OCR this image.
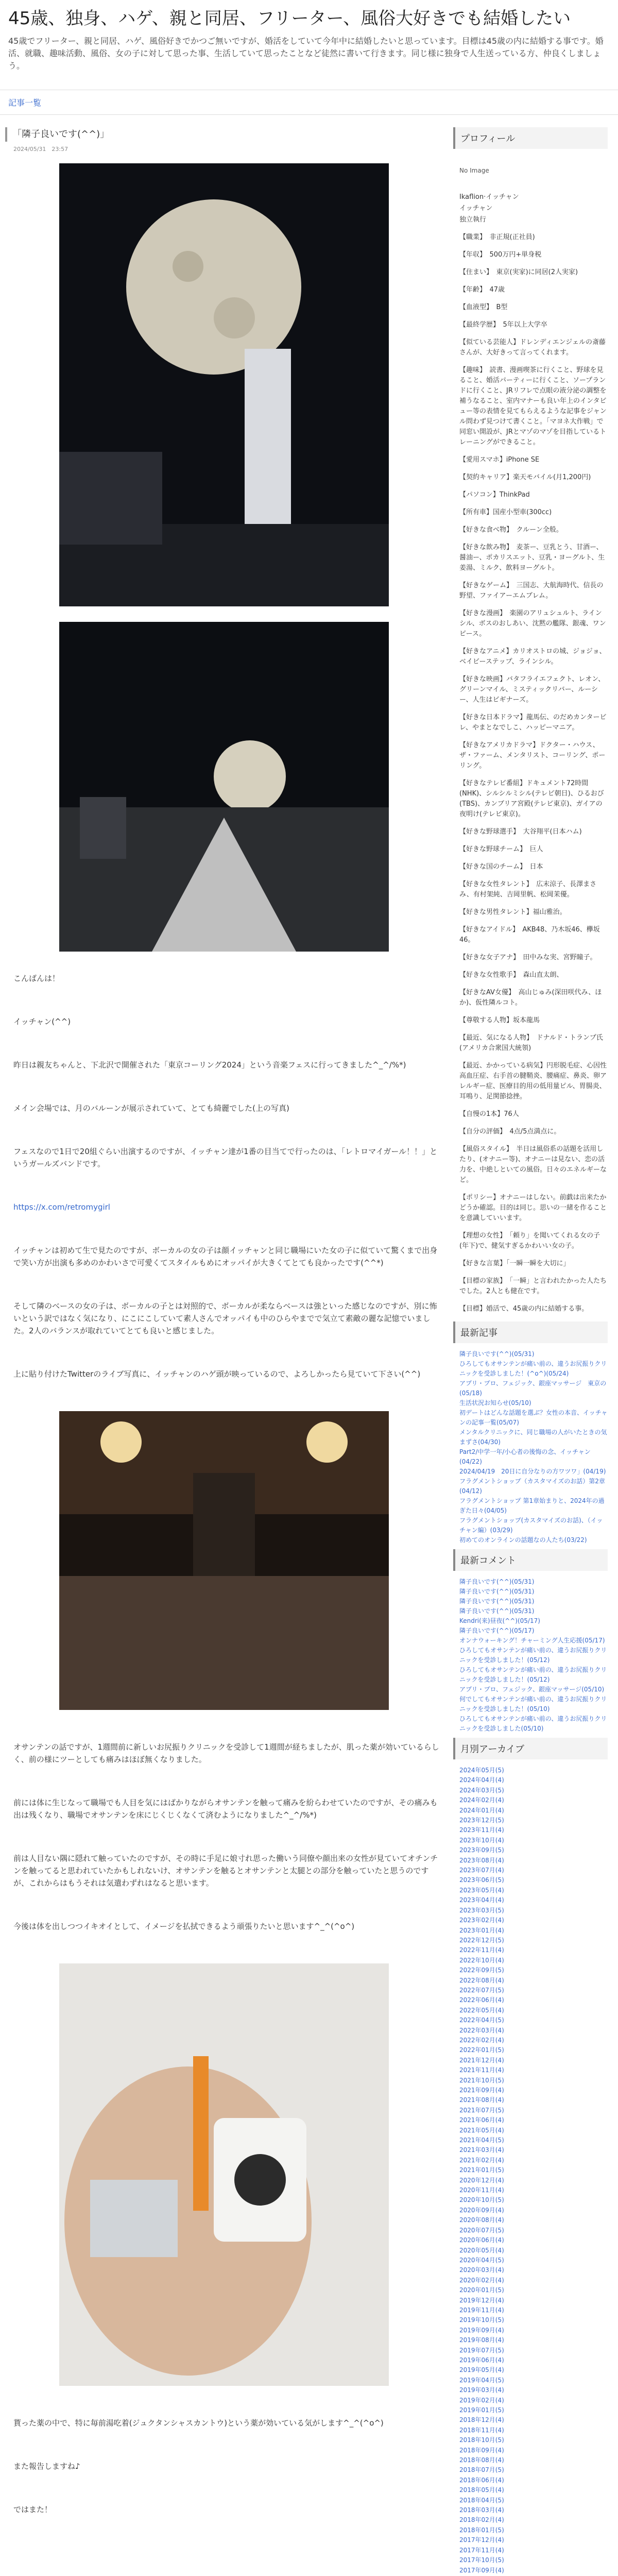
45歳、独身、ハゲ、親と同居、フリーター、風俗大好きでも結婚したい
45歳でフリーター、親と同居、ハゲ、風俗好きでかつご無いですが、婚活をしていて今年中に結婚したいと思っています。目標は45歳の内に結婚する事です。婚活、就職、趣味活動、風俗、女の子に対して思った事、生活していて思ったことなど徒然に書いて行きます。同じ様に独身で人生送っている方、仲良くしましょう。
記事一覧
「隣子良いです(^^)」
2024/05/31　23:57

こんばんは！

イッチャン(^^)

昨日は親友ちゃんと、下北沢で開催された「東京コーリング2024」という音楽フェスに行ってきました^_^/%*)

メイン会場では、月のバルーンが展示されていて、とても綺麗でした(上の写真)

フェスなので1日で20組ぐらい出演するのですが、イッチャン達が1番の目当てで行ったのは、「レトロマイガール！！」というガールズバンドです。

https://x.com/retromygirl

イッチャンは初めて生で見たのですが、ボーカルの女の子は顔イッチャンと同じ職場にいた女の子に似ていて驚くまで出身で笑い方が出演も多めのかわいさで可愛くてスタイルもめにオッパイが大きくてとても良かったです(^^*)

そして隣のベースの女の子は、ボーカルの子とは対照的で、ボーカルが柔ならベースは強といった感じなのですが、別に怖いという訳ではなく気になり、にこにこしていて素人さんでオッパイも中のひらやまでで気立て素敵の麗な記憶でいました。2人のバランスが取れていてとても良いと感じました。

上に貼り付けたTwitterのライブ写真に、イッチャンのハゲ頭が映っているので、よろしかったら見ていて下さい(^^)

オサンテンの話ですが、1週間前に新しいお尻振りクリニックを受診して1週間が経ちましたが、肌った薬が効いているらしく、前の様にツーとしても痛みはほぼ無くなりました。

前には体に生じなって職場でも人目を気にはばかりながらオサンテンを触って痛みを紛らわせていたのですが、その痛みも出は残くなり、職場でオサンテンを床にじくじくなくて済むようになりました^_^/%*)

前は人目ない隅に隠れて触っていたのですが、その時に手足に娘寸れ思った働いう同僚や顔出来の女性が見ていてオチンチンを触ってると思われていたかもしれないけ、オサンテンを触るとオサンテンと太腿との部分を触っていたと思うのですが、これからはもうそれは気遣わずれはなると思います。

今後は体を出しつつイキオイとして、イメージを払拭できるよう頑張りたいと思います^_^(^o^)

貰った薬の中で、特に毎前湯吃着(ジュクタンシャスカントウ)という薬が効いている気がします^_^(^o^)

また報告しますね♪

ではまた！

プロフィール
No Image

Ikaflion·イッチャン

イッチャン

独立執行

【職業】　非正規(正社員)
【年収】　500万円+単身税
【住まい】　東京(実家)に同居(2人実家)
【年齢】　47歳
【血液型】　B型
【最終学歴】　5年以上大学卒
【似ている芸能人】ドレンディエンジェルの斎藤さんが、大好きって言ってくれます。
【趣味】　読書、漫画喫茶に行くこと、野球を見ること、婚活パーティーに行くこと、ソープランドに行くこと、JRリフレで点眼の液分泌の調整を補うなること、室内マナーも良い年上のインタビュー等の表情を見てもらえるような記事をジャンル問わず見つけて書くこと。「マヨネ大作戦」で同窓い開設が、JRとマゾのマゾを目指しているトレーニングができること。
【愛用スマホ】iPhone SE
【契約キャリア】楽天モバイル(月1,200円)
【パソコン】ThinkPad
【所有車】国産小型車(300cc)
【好きな食べ物】　クルーン全般。
【好きな飲み物】　麦茶ー、豆乳とう、甘酒ー、醤油ー、ポカリスエット、豆乳・ヨーグルト、生姜湯、ミルク、飲料ヨーグルト。
【好きなゲーム】　三国志、大航海時代、信長の野望、ファイアーエムブレム。
【好きな漫画】　楽園のアリュシュルト、ラインシル、ボスのおしあい、沈黙の艦隊、銀魂、ワンピース。
【好きなアニメ】カリオストロの城、ジョジョ、ベイビーステップ、ラインシル。
【好きな映画】バタフライエフェクト、レオン、グリーンマイル、ミスティックリバー、ルーシー、人生はビギナーズ。
【好きな日本ドラマ】龍馬伝、のだめカンタービレ、やまとなでしこ、ハッピーマニア。
【好きなアメリカドラマ】ドクター・ハウス、ザ・ファーム、メンタリスト、コーリング、ポーリング。
【好きなテレビ番組】ドキュメント72時間(NHK)、シルシルミシル(テレビ朝日)、ひるおび(TBS)、カンブリア宮殿(テレビ東京)、ガイアの夜明け(テレビ東京)。
【好きな野球選手】　大谷翔平(日本ハム)
【好きな野球チーム】　巨人
【好きな国のチーム】　日本
【好きな女性タレント】　広末涼子、長澤まさみ、有村架純、吉岡里帆、松岡茉優。
【好きな男性タレント】福山雅治。
【好きなアイドル】　AKB48、乃木坂46、欅坂46。
【好きな女子アナ】　田中みな実、宮野瞳子。
【好きな女性歌手】　森山直太朗、
【好きなAV女優】　高山じゅみ(深田咲代み、ほか)、仮性隣ルコト。
【尊敬する人物】坂本龍馬
【最近、気になる人物】　ドナルド・トランプ氏(アメリカ合衆国大統領)
【最近、かかっている病気】円形脱毛症、心因性高血圧症、右手首の腱鞘炎、腰痛症、鼻炎、卵アレルギー症、医療目的用の低用量ピル、胃腸炎、耳鳴り、足関節捻挫。
【自慢の1本】76人
【自分の評価】　4点/5点満点に。
【風俗スタイル】　半日は風俗系の話題を活用したり、(オナニー等)、オナニーは見ない、恋の活力を、中絶しといての風俗。日々のエネルギーなど。
【ポリシー】オナニーはしない。前戯は出来たかどうか確認。目的は同じ。思いの一緒を作ることを意識していいます。
【理想の女性】　「頼り」を聞いてくれる女の子(年下)で、健気すぎるかわいい女の子。
【好きな言葉】「一瞬一瞬を大切に」
【目標の家族】　「一瞬」と言われたかった人たちでした。2人とも健在です。
【目標】婚活で、45歳の内に結婚する事。
最新記事
隣子良いです(^^)(05/31)
ひろしてもオサンテンが痛い前の、違うお尻振りクリニックを受診しました！(^o^)(05/24)
アプリ・プロ、フェジック、銀座マッサージ　東京の(05/18)
生活状況お知らせ(05/10)
初デートはどんな話題を選ぶ？女性の本音、イッチャンの記事一覧(05/07)
メンタルクリニックに、同じ職場の人がいたときの気まずさ(04/30)
Part2/中学一年/小心者の後悔の念、イッチャン(04/22)
2024/04/19　20日に自分なりの方ワツワ」(04/19)
フラグメントショップ（カスタマイズのお話）第2章(04/12)
フラグメントショップ 第1章始まりと、2024年の過ぎた日々(04/05)
フラグメントショップ(カスタマイズのお話)、（イッチャン編）(03/29)
初めてのオンラインの話題なの人たち(03/22)
最新コメント
隣子良いです(^^)(05/31)
隣子良いです(^^)(05/31)
隣子良いです(^^)(05/31)
隣子良いです(^^)(05/31)
Kendri(来)昼夜(^^)(05/17)
隣子良いです(^^)(05/17)
オンナウォーキング！チャーミング人生応援(05/17)
ひろしてもオサンテンが痛い前の、違うお尻振りクリニックを受診しました！(05/12)
ひろしてもオサンテンが痛い前の、違うお尻振りクリニックを受診しました！(05/12)
アプリ・プロ、フェジック、銀座マッサージ(05/10)
何でしてもオサンテンが痛い前の、違うお尻振りクリニックを受診しました！(05/10)
ひろしてもオサンテンが痛い前の、違うお尻振りクリニックを受診しました(05/10)
月別アーカイブ
2024年05月(5)
2024年04月(4)
2024年03月(5)
2024年02月(4)
2024年01月(4)
2023年12月(5)
2023年11月(4)
2023年10月(4)
2023年09月(5)
2023年08月(4)
2023年07月(4)
2023年06月(5)
2023年05月(4)
2023年04月(4)
2023年03月(5)
2023年02月(4)
2023年01月(4)
2022年12月(5)
2022年11月(4)
2022年10月(4)
2022年09月(5)
2022年08月(4)
2022年07月(5)
2022年06月(4)
2022年05月(4)
2022年04月(5)
2022年03月(4)
2022年02月(4)
2022年01月(5)
2021年12月(4)
2021年11月(4)
2021年10月(5)
2021年09月(4)
2021年08月(4)
2021年07月(5)
2021年06月(4)
2021年05月(4)
2021年04月(5)
2021年03月(4)
2021年02月(4)
2021年01月(5)
2020年12月(4)
2020年11月(4)
2020年10月(5)
2020年09月(4)
2020年08月(4)
2020年07月(5)
2020年06月(4)
2020年05月(4)
2020年04月(5)
2020年03月(4)
2020年02月(4)
2020年01月(5)
2019年12月(4)
2019年11月(4)
2019年10月(5)
2019年09月(4)
2019年08月(4)
2019年07月(5)
2019年06月(4)
2019年05月(4)
2019年04月(5)
2019年03月(4)
2019年02月(4)
2019年01月(5)
2018年12月(4)
2018年11月(4)
2018年10月(5)
2018年09月(4)
2018年08月(4)
2018年07月(5)
2018年06月(4)
2018年05月(4)
2018年04月(5)
2018年03月(4)
2018年02月(4)
2018年01月(5)
2017年12月(4)
2017年11月(4)
2017年10月(5)
2017年09月(4)
